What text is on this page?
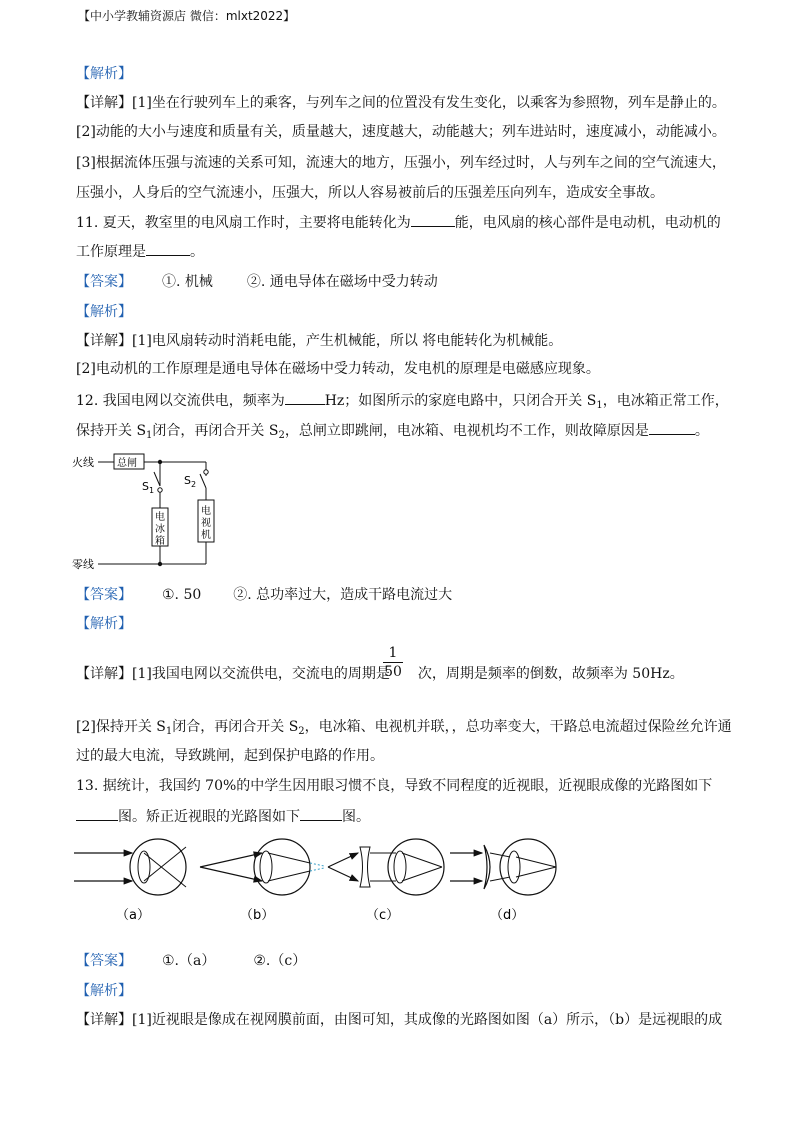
【中小学教辅资源店 微信：mlxt2022】
【解析】
【详解】[1]坐在行驶列车上的乘客，与列车之间的位置没有发生变化，以乘客为参照物，列车是静止的。
[2]动能的大小与速度和质量有关，质量越大，速度越大，动能越大；列车进站时，速度减小，动能减小。
[3]根据流体压强与流速的关系可知，流速大的地方，压强小，列车经过时，人与列车之间的空气流速大，
压强小，人身后的空气流速小，压强大，所以人容易被前后的压强差压向列车，造成安全事故。
11. 夏天，教室里的电风扇工作时，主要将电能转化为	能，电风扇的核心部件是电动机，电动机的
工作原理是	。
【答案】 ①. 机械 ②. 通电导体在磁场中受力转动
【解析】
【详解】[1]电风扇转动时消耗电能，产生机械能，所以 将电能转化为机械能。
[2]电动机的工作原理是通电导体在磁场中受力转动，发电机的原理是电磁感应现象。
12. 我国电网以交流供电，频率为	Hz；如图所示的家庭电路中，只闭合开关 $S_1$，电冰箱正常工作，
保持开关 $S_1$闭合，再闭合开关 $S_2$，总闸立即跳闸，电冰箱、电视机均不工作，则故障原因是	。
火线 总闸
$S_1$
电
冰
箱
$S_2$
电
视
机
零线
【答案】 ①. 50 ②. 总功率过大，造成干路电流过大
【解析】
【详解】[1]我国电网以交流供电，交流电的周期是 次，周期是频率的倒数，故频率为 50Hz。
1
50
[2]保持开关 $S_1$闭合，再闭合开关 $S_2$，电冰箱、电视机并联，，总功率变大，干路总电流超过保险丝允许通
过的最大电流，导致跳闸，起到保护电路的作用。
13. 据统计，我国约 70%的中学生因用眼习惯不良，导致不同程度的近视眼，近视眼成像的光路图如下
图。矫正近视眼的光路图如下	图。
（a）	（b）	（c）	（d）
【答案】 ①.（a）	②.（c）
【解析】
【详解】[1]近视眼是像成在视网膜前面，由图可知，其成像的光路图如图（a）所示，（b）是远视眼的成
